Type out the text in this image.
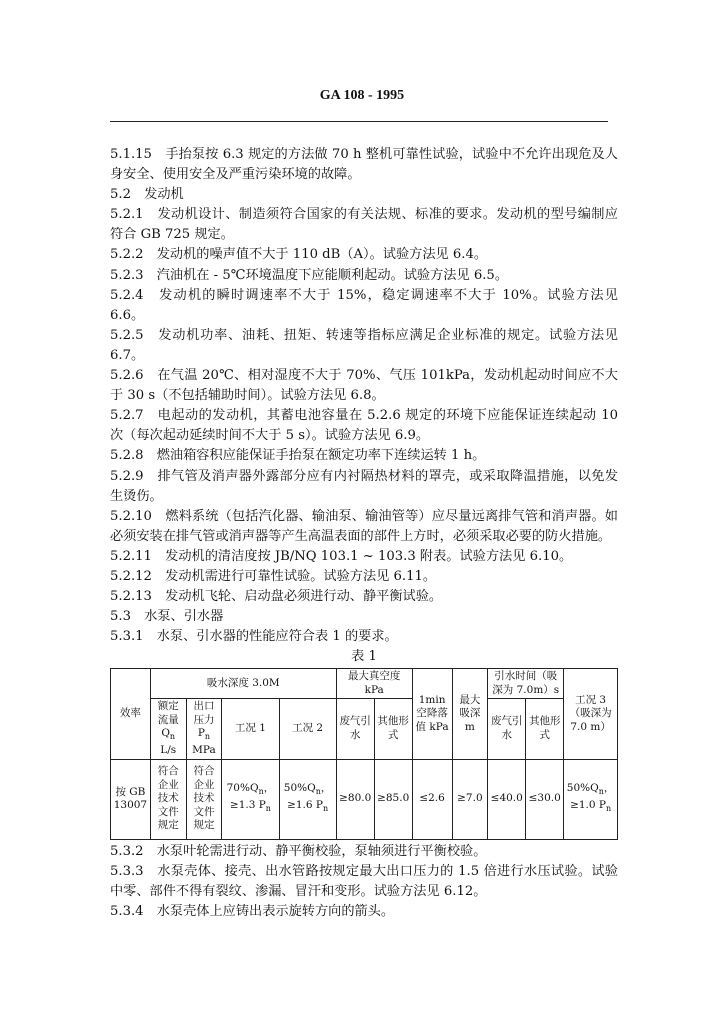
GA 108 - 1995

5.1.15　手抬泵按 6.3 规定的方法做 70 h 整机可靠性试验，试验中不允许出现危及人身安全、使用安全及严重污染环境的故障。

5.2　发动机

5.2.1　发动机设计、制造须符合国家的有关法规、标准的要求。发动机的型号编制应符合 GB 725 规定。

5.2.2　发动机的噪声值不大于 110 dB（A）。试验方法见 6.4。

5.2.3　汽油机在 - 5℃环境温度下应能顺利起动。试验方法见 6.5。

5.2.4　发动机的瞬时调速率不大于 15%，稳定调速率不大于 10%。试验方法见 6.6。

5.2.5　发动机功率、油耗、扭矩、转速等指标应满足企业标准的规定。试验方法见 6.7。

5.2.6　在气温 20℃、相对湿度不大于 70%、气压 101kPa，发动机起动时间应不大于 30 s（不包括辅助时间）。试验方法见 6.8。

5.2.7　电起动的发动机，其蓄电池容量在 5.2.6 规定的环境下应能保证连续起动 10 次（每次起动延续时间不大于 5 s）。试验方法见 6.9。

5.2.8　燃油箱容积应能保证手抬泵在额定功率下连续运转 1 h。

5.2.9　排气管及消声器外露部分应有内衬隔热材料的罩壳，或采取降温措施，以免发生烫伤。

5.2.10　燃料系统（包括汽化器、输油泵、输油管等）应尽量远离排气管和消声器。如必须安装在排气管或消声器等产生高温表面的部件上方时，必须采取必要的防火措施。

5.2.11　发动机的清洁度按 JB/NQ 103.1 ~ 103.3 附表。试验方法见 6.10。

5.2.12　发动机需进行可靠性试验。试验方法见 6.11。

5.2.13　发动机飞轮、启动盘必须进行动、静平衡试验。

5.3　水泵、引水器

5.3.1　水泵、引水器的性能应符合表 1 的要求。

表 1

效率	吸水深度 3.0M				最大真空度 kPa		1min 空降落值 kPa	最大吸深 m	引水时间（吸深为 7.0m）s		工况 3（吸深为 7.0 m）
	额定流量
$Q_n$
L/s	出口压力
$P_n$
MPa	工况 1	工况 2	废气引水	其他形式			废气引水	其他形式	

按 GB 13007	符合企业技术文件规定	符合企业技术文件规定	$70\%Q_n$，
≥1.3 $P_n$	$50\%Q_n$，
≥1.6 $P_n$	≥80.0	≥85.0	≤2.6	≥7.0	≤40.0	≤30.0	$50\%Q_n$，
≥1.0 $P_n$

5.3.2　水泵叶轮需进行动、静平衡校验，泵轴须进行平衡校验。

5.3.3　水泵壳体、接壳、出水管路按规定最大出口压力的 1.5 倍进行水压试验。试验中零、部件不得有裂纹、渗漏、冒汗和变形。试验方法见 6.12。

5.3.4　水泵壳体上应铸出表示旋转方向的箭头。
